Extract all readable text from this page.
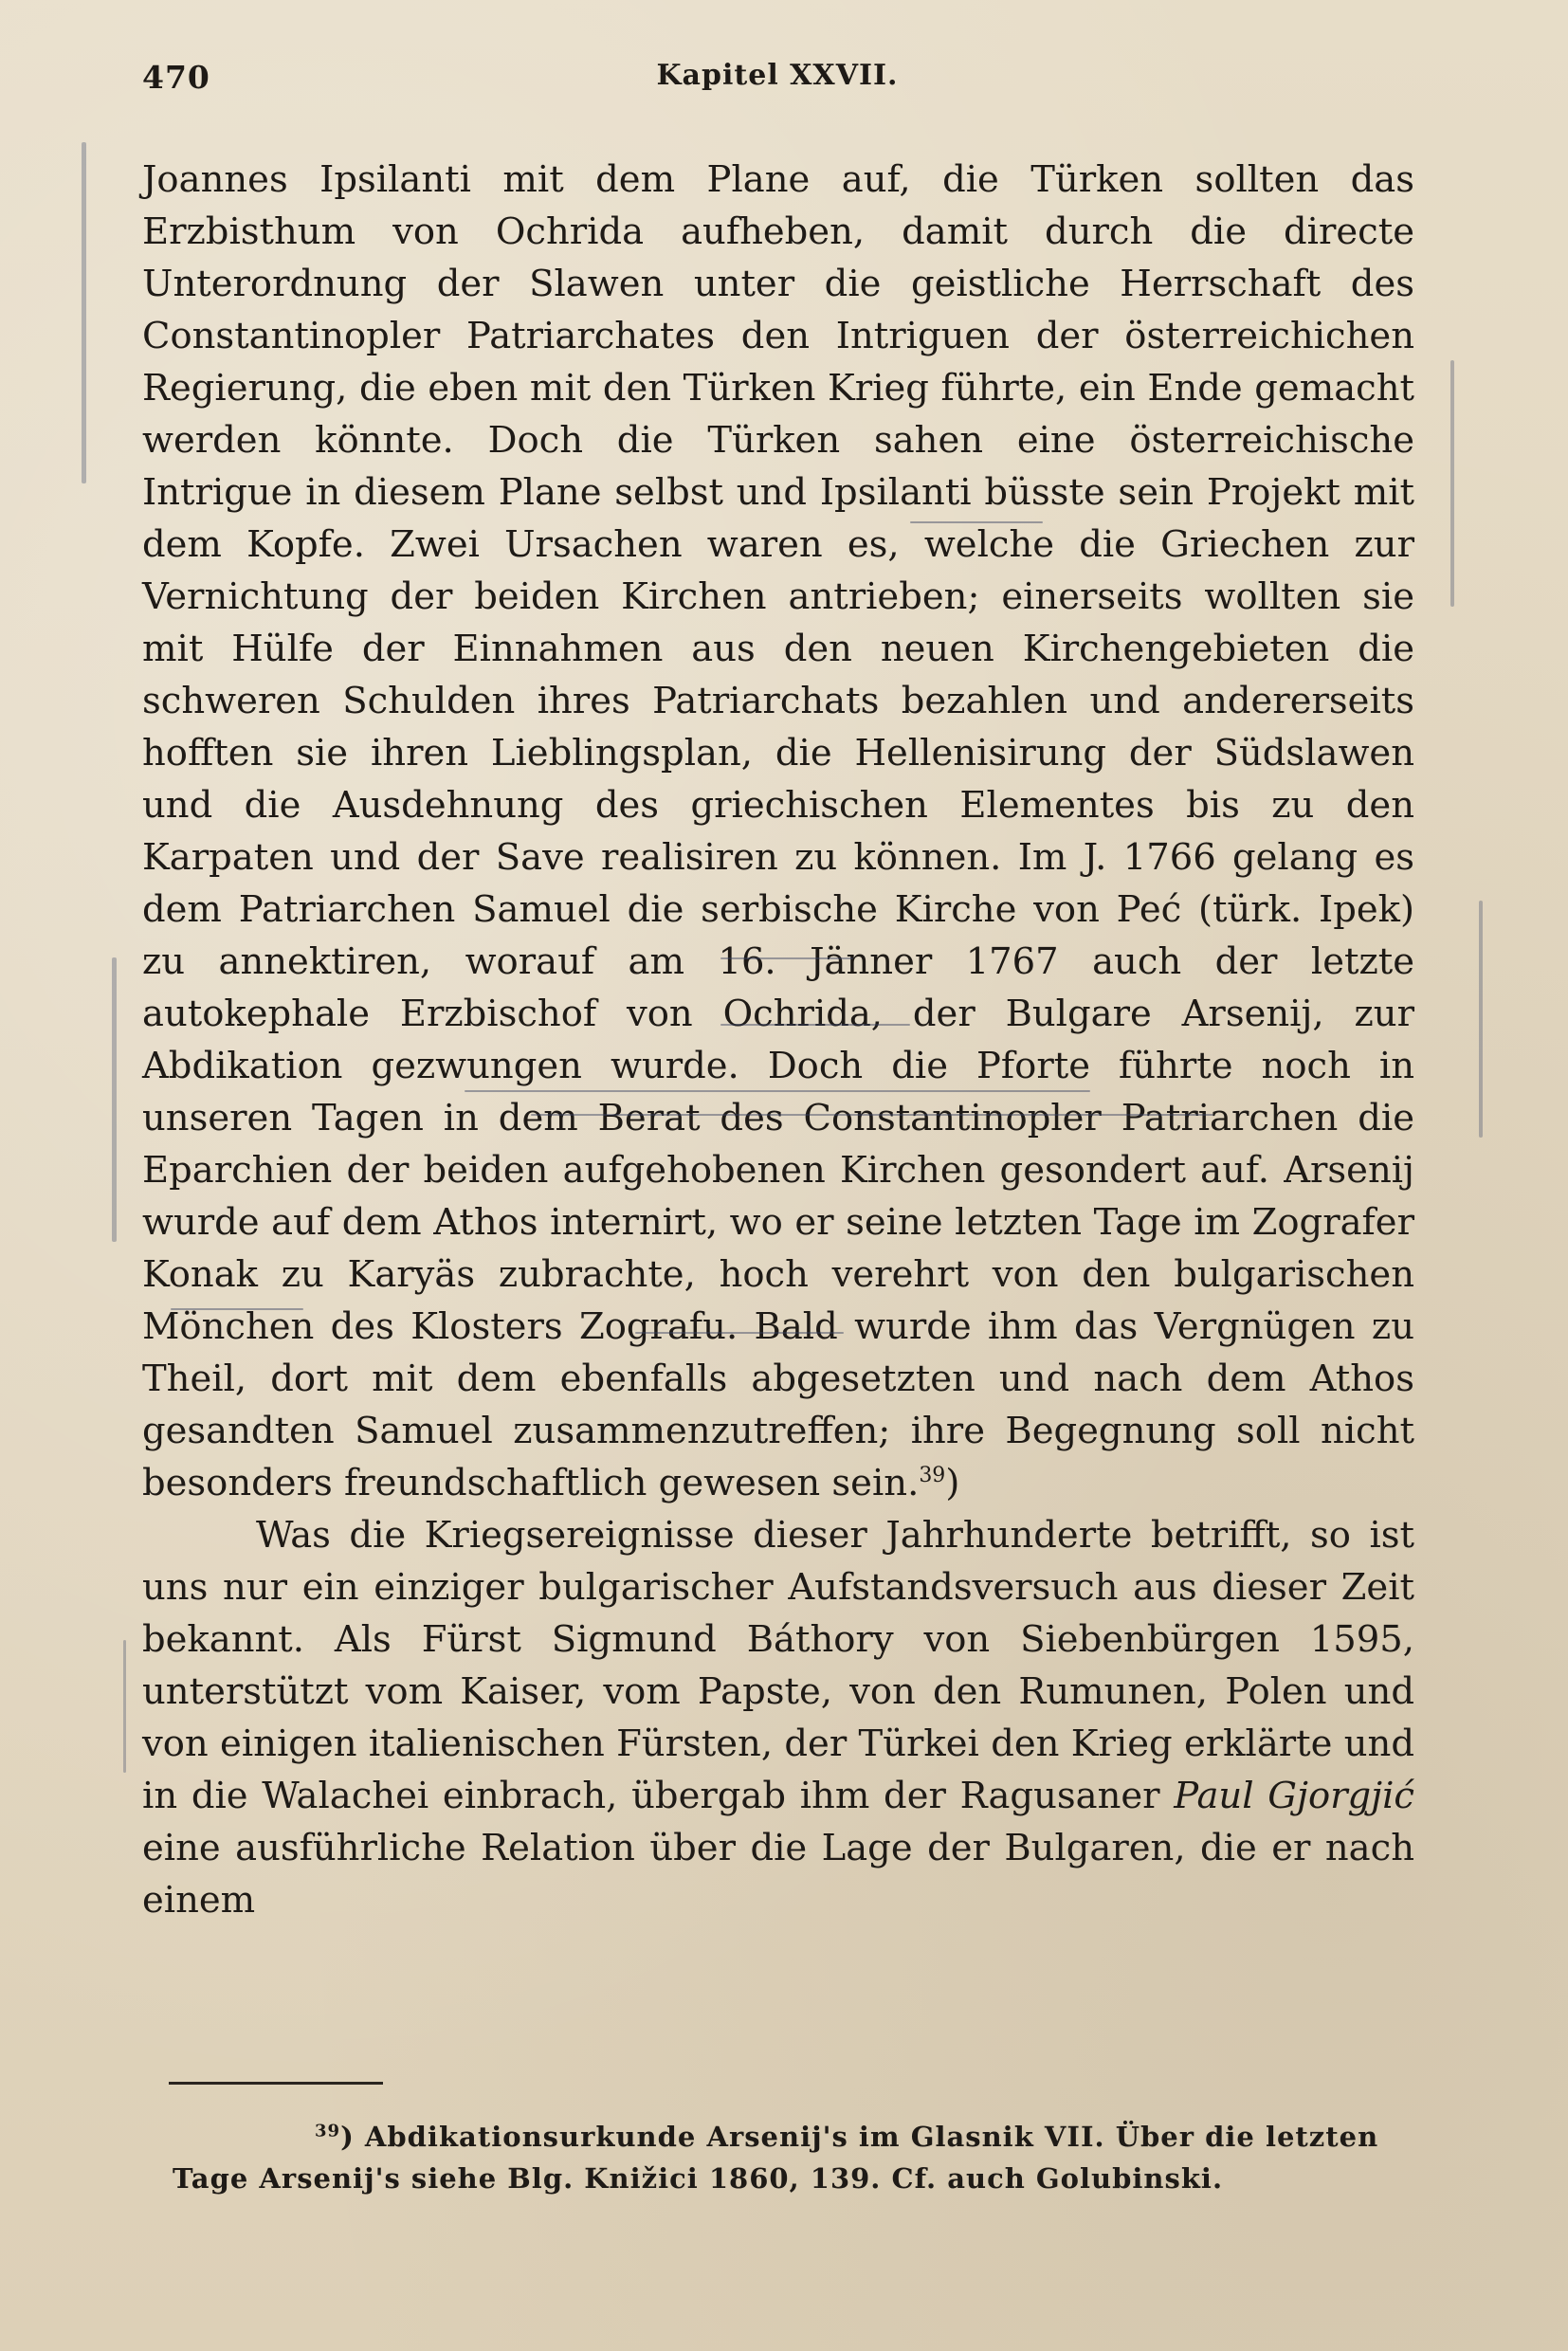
470	Kapitel XXVII.

Joannes Ipsilanti mit dem Plane auf, die Türken sollten das Erzbisthum von Ochrida aufheben, damit durch die directe Unterordnung der Slawen unter die geistliche Herrschaft des Constantinopler Patriarchates den Intriguen der österreichichen Regierung, die eben mit den Türken Krieg führte, ein Ende gemacht werden könnte. Doch die Türken sahen eine österreichische Intrigue in diesem Plane selbst und Ipsilanti büsste sein Projekt mit dem Kopfe. Zwei Ursachen waren es, welche die Griechen zur Vernichtung der beiden Kirchen antrieben; einerseits wollten sie mit Hülfe der Einnahmen aus den neuen Kirchengebieten die schweren Schulden ihres Patriarchats bezahlen und andererseits hofften sie ihren Lieblingsplan, die Hellenisirung der Südslawen und die Ausdehnung des griechischen Elementes bis zu den Karpaten und der Save realisiren zu können. Im J. 1766 gelang es dem Patriarchen Samuel die serbische Kirche von Peć (türk. Ipek) zu annektiren, worauf am 16. Jänner 1767 auch der letzte autokephale Erzbischof von Ochrida, der Bulgare Arsenij, zur Abdikation gezwungen wurde. Doch die Pforte führte noch in unseren Tagen in dem Berat des Constantinopler Patriarchen die Eparchien der beiden aufgehobenen Kirchen gesondert auf. Arsenij wurde auf dem Athos internirt, wo er seine letzten Tage im Zografer Konak zu Karyäs zubrachte, hoch verehrt von den bulgarischen Mönchen des Klosters Zografu. Bald wurde ihm das Vergnügen zu Theil, dort mit dem ebenfalls abgesetzten und nach dem Athos gesandten Samuel zusammenzutreffen; ihre Begegnung soll nicht besonders freundschaftlich gewesen sein.$^{39}$)

Was die Kriegsereignisse dieser Jahrhunderte betrifft, so ist uns nur ein einziger bulgarischer Aufstandsversuch aus dieser Zeit bekannt. Als Fürst Sigmund Báthory von Siebenbürgen 1595, unterstützt vom Kaiser, vom Papste, von den Rumunen, Polen und von einigen italienischen Fürsten, der Türkei den Krieg erklärte und in die Walachei einbrach, übergab ihm der Ragusaner Paul Gjorgjić eine ausführliche Relation über die Lage der Bulgaren, die er nach einem

$^{39}$) Abdikationsurkunde Arsenij's im Glasnik VII. Über die letzten
Tage Arsenij's siehe Blg. Knižici 1860, 139. Cf. auch Golubinski.
